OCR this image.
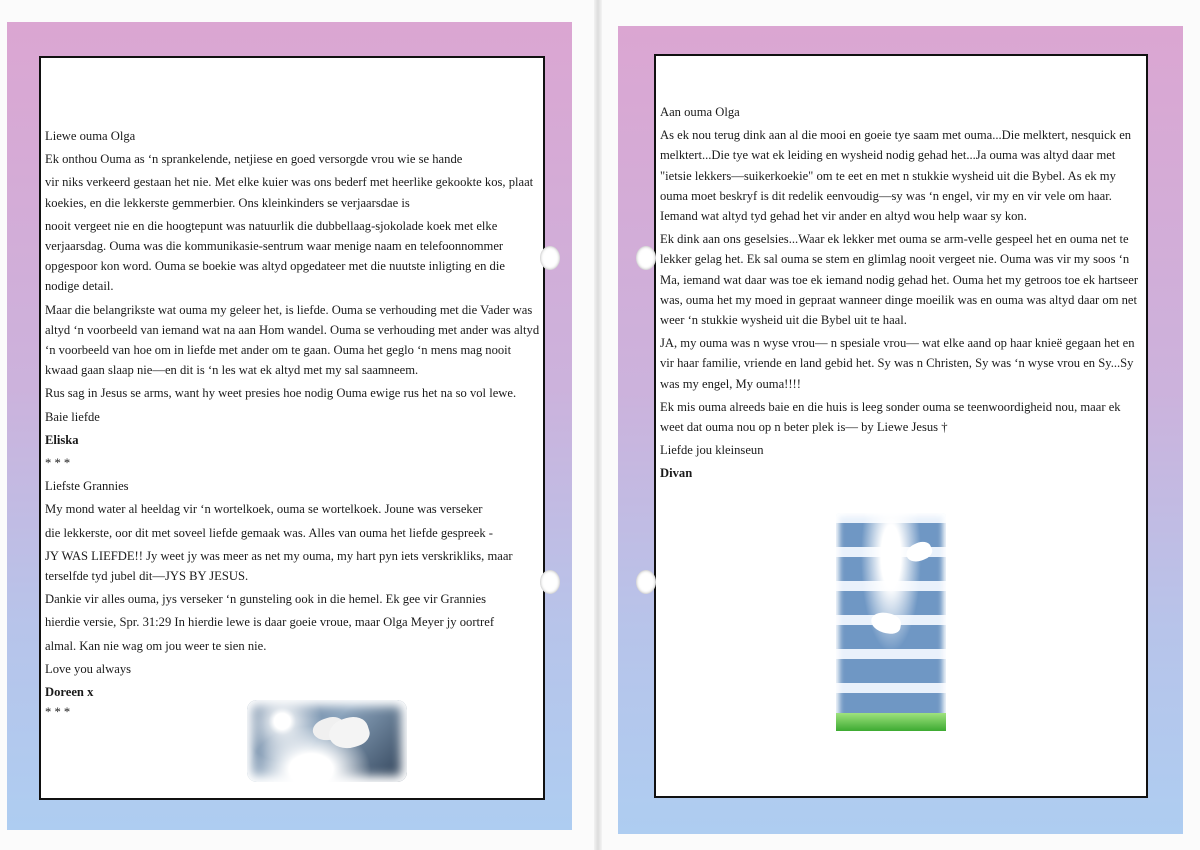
Liewe ouma Olga

Ek onthou Ouma as ‘n sprankelende, netjiese en goed versorgde vrou wie se hande

vir niks verkeerd gestaan het nie. Met elke kuier was ons bederf met heerlike gekookte kos, plaat koekies, en die lekkerste gemmerbier. Ons kleinkinders se verjaarsdae is

nooit vergeet nie en die hoogtepunt was natuurlik die dubbellaag-sjokolade koek met elke verjaarsdag. Ouma was die kommunikasie-sentrum waar menige naam en telefoonnommer opgespoor kon word. Ouma se boekie was altyd opgedateer met die nuutste inligting en die nodige detail.

Maar die belangrikste wat ouma my geleer het, is liefde. Ouma se verhouding met die Vader was altyd ‘n voorbeeld van iemand wat na aan Hom wandel. Ouma se verhouding met ander was altyd ‘n voorbeeld van hoe om in liefde met ander om te gaan. Ouma het geglo ‘n mens mag nooit kwaad gaan slaap nie—en dit is ‘n les wat ek altyd met my sal saamneem.

Rus sag in Jesus se arms, want hy weet presies hoe nodig Ouma ewige rus het na so vol lewe.

Baie liefde

Eliska

* * *

Liefste Grannies

My mond water al heeldag vir ‘n wortelkoek, ouma se wortelkoek. Joune was verseker

die lekkerste, oor dit met soveel liefde gemaak was. Alles van ouma het liefde gespreek -

JY WAS LIEFDE!! Jy weet jy was meer as net my ouma, my hart pyn iets verskrikliks, maar terselfde tyd jubel dit—JYS BY JESUS.

Dankie vir alles ouma, jys verseker ‘n gunsteling ook in die hemel. Ek gee vir Grannies

hierdie versie, Spr. 31:29 In hierdie lewe is daar goeie vroue, maar Olga Meyer jy oortref

almal. Kan nie wag om jou weer te sien nie.

Love you always

Doreen x

* * *

Aan ouma Olga

As ek nou terug dink aan al die mooi en goeie tye saam met ouma...Die melktert, nesquick en melktert...Die tye wat ek leiding en wysheid nodig gehad het...Ja ouma was altyd daar met "ietsie lekkers—suikerkoekie" om te eet en met n stukkie wysheid uit die Bybel. As ek my ouma moet beskryf is dit redelik eenvoudig—sy was ‘n engel, vir my en vir vele om haar. Iemand wat altyd tyd gehad het vir ander en altyd wou help waar sy kon.

Ek dink aan ons geselsies...Waar ek lekker met ouma se arm-velle gespeel het en ouma net te lekker gelag het. Ek sal ouma se stem en glimlag nooit vergeet nie. Ouma was vir my soos ‘n Ma, iemand wat daar was toe ek iemand nodig gehad het. Ouma het my getroos toe ek hartseer was, ouma het my moed in gepraat wanneer dinge moeilik was en ouma was altyd daar om net weer ‘n stukkie wysheid uit die Bybel uit te haal.

JA, my ouma was n wyse vrou— n spesiale vrou— wat elke aand op haar knieë gegaan het en vir haar familie, vriende en land gebid het. Sy was n Christen, Sy was ‘n wyse vrou en Sy...Sy was my engel, My ouma!!!!

Ek mis ouma alreeds baie en die huis is leeg sonder ouma se teenwoordigheid nou, maar ek weet dat ouma nou op n beter plek is— by Liewe Jesus †

Liefde jou kleinseun

Divan
